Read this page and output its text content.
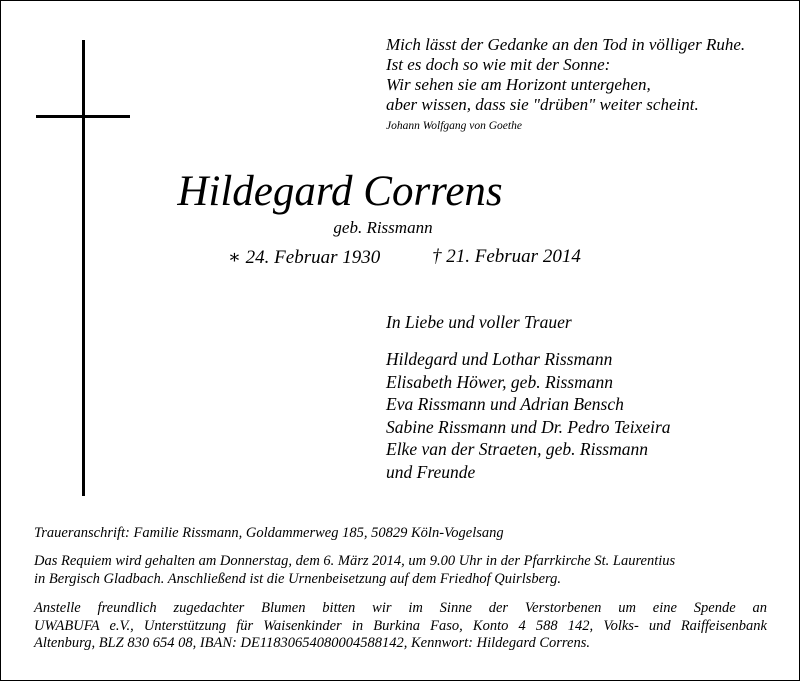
Mich lässt der Gedanke an den Tod in völliger Ruhe.
Ist es doch so wie mit der Sonne:
Wir sehen sie am Horizont untergehen,
aber wissen, dass sie "drüben" weiter scheint.
Johann Wolfgang von Goethe
Hildegard Correns
geb. Rissmann
∗ 24. Februar 1930	† 21. Februar 2014
In Liebe und voller Trauer
Hildegard und Lothar Rissmann
Elisabeth Höwer, geb. Rissmann
Eva Rissmann und Adrian Bensch
Sabine Rissmann und Dr. Pedro Teixeira
Elke van der Straeten, geb. Rissmann
und Freunde
Traueranschrift: Familie Rissmann, Goldammerweg 185, 50829 Köln-Vogelsang
Das Requiem wird gehalten am Donnerstag, dem 6. März 2014, um 9.00 Uhr in der Pfarrkirche St. Laurentius
in Bergisch Gladbach. Anschließend ist die Urnenbeisetzung auf dem Friedhof Quirlsberg.
Anstelle freundlich zugedachter Blumen bitten wir im Sinne der Verstorbenen um eine Spende an
UWABUFA e.V., Unterstützung für Waisenkinder in Burkina Faso, Konto 4 588 142, Volks- und Raiffeisenbank
Altenburg, BLZ 830 654 08, IBAN: DE11830654080004588142, Kennwort: Hildegard Correns.
